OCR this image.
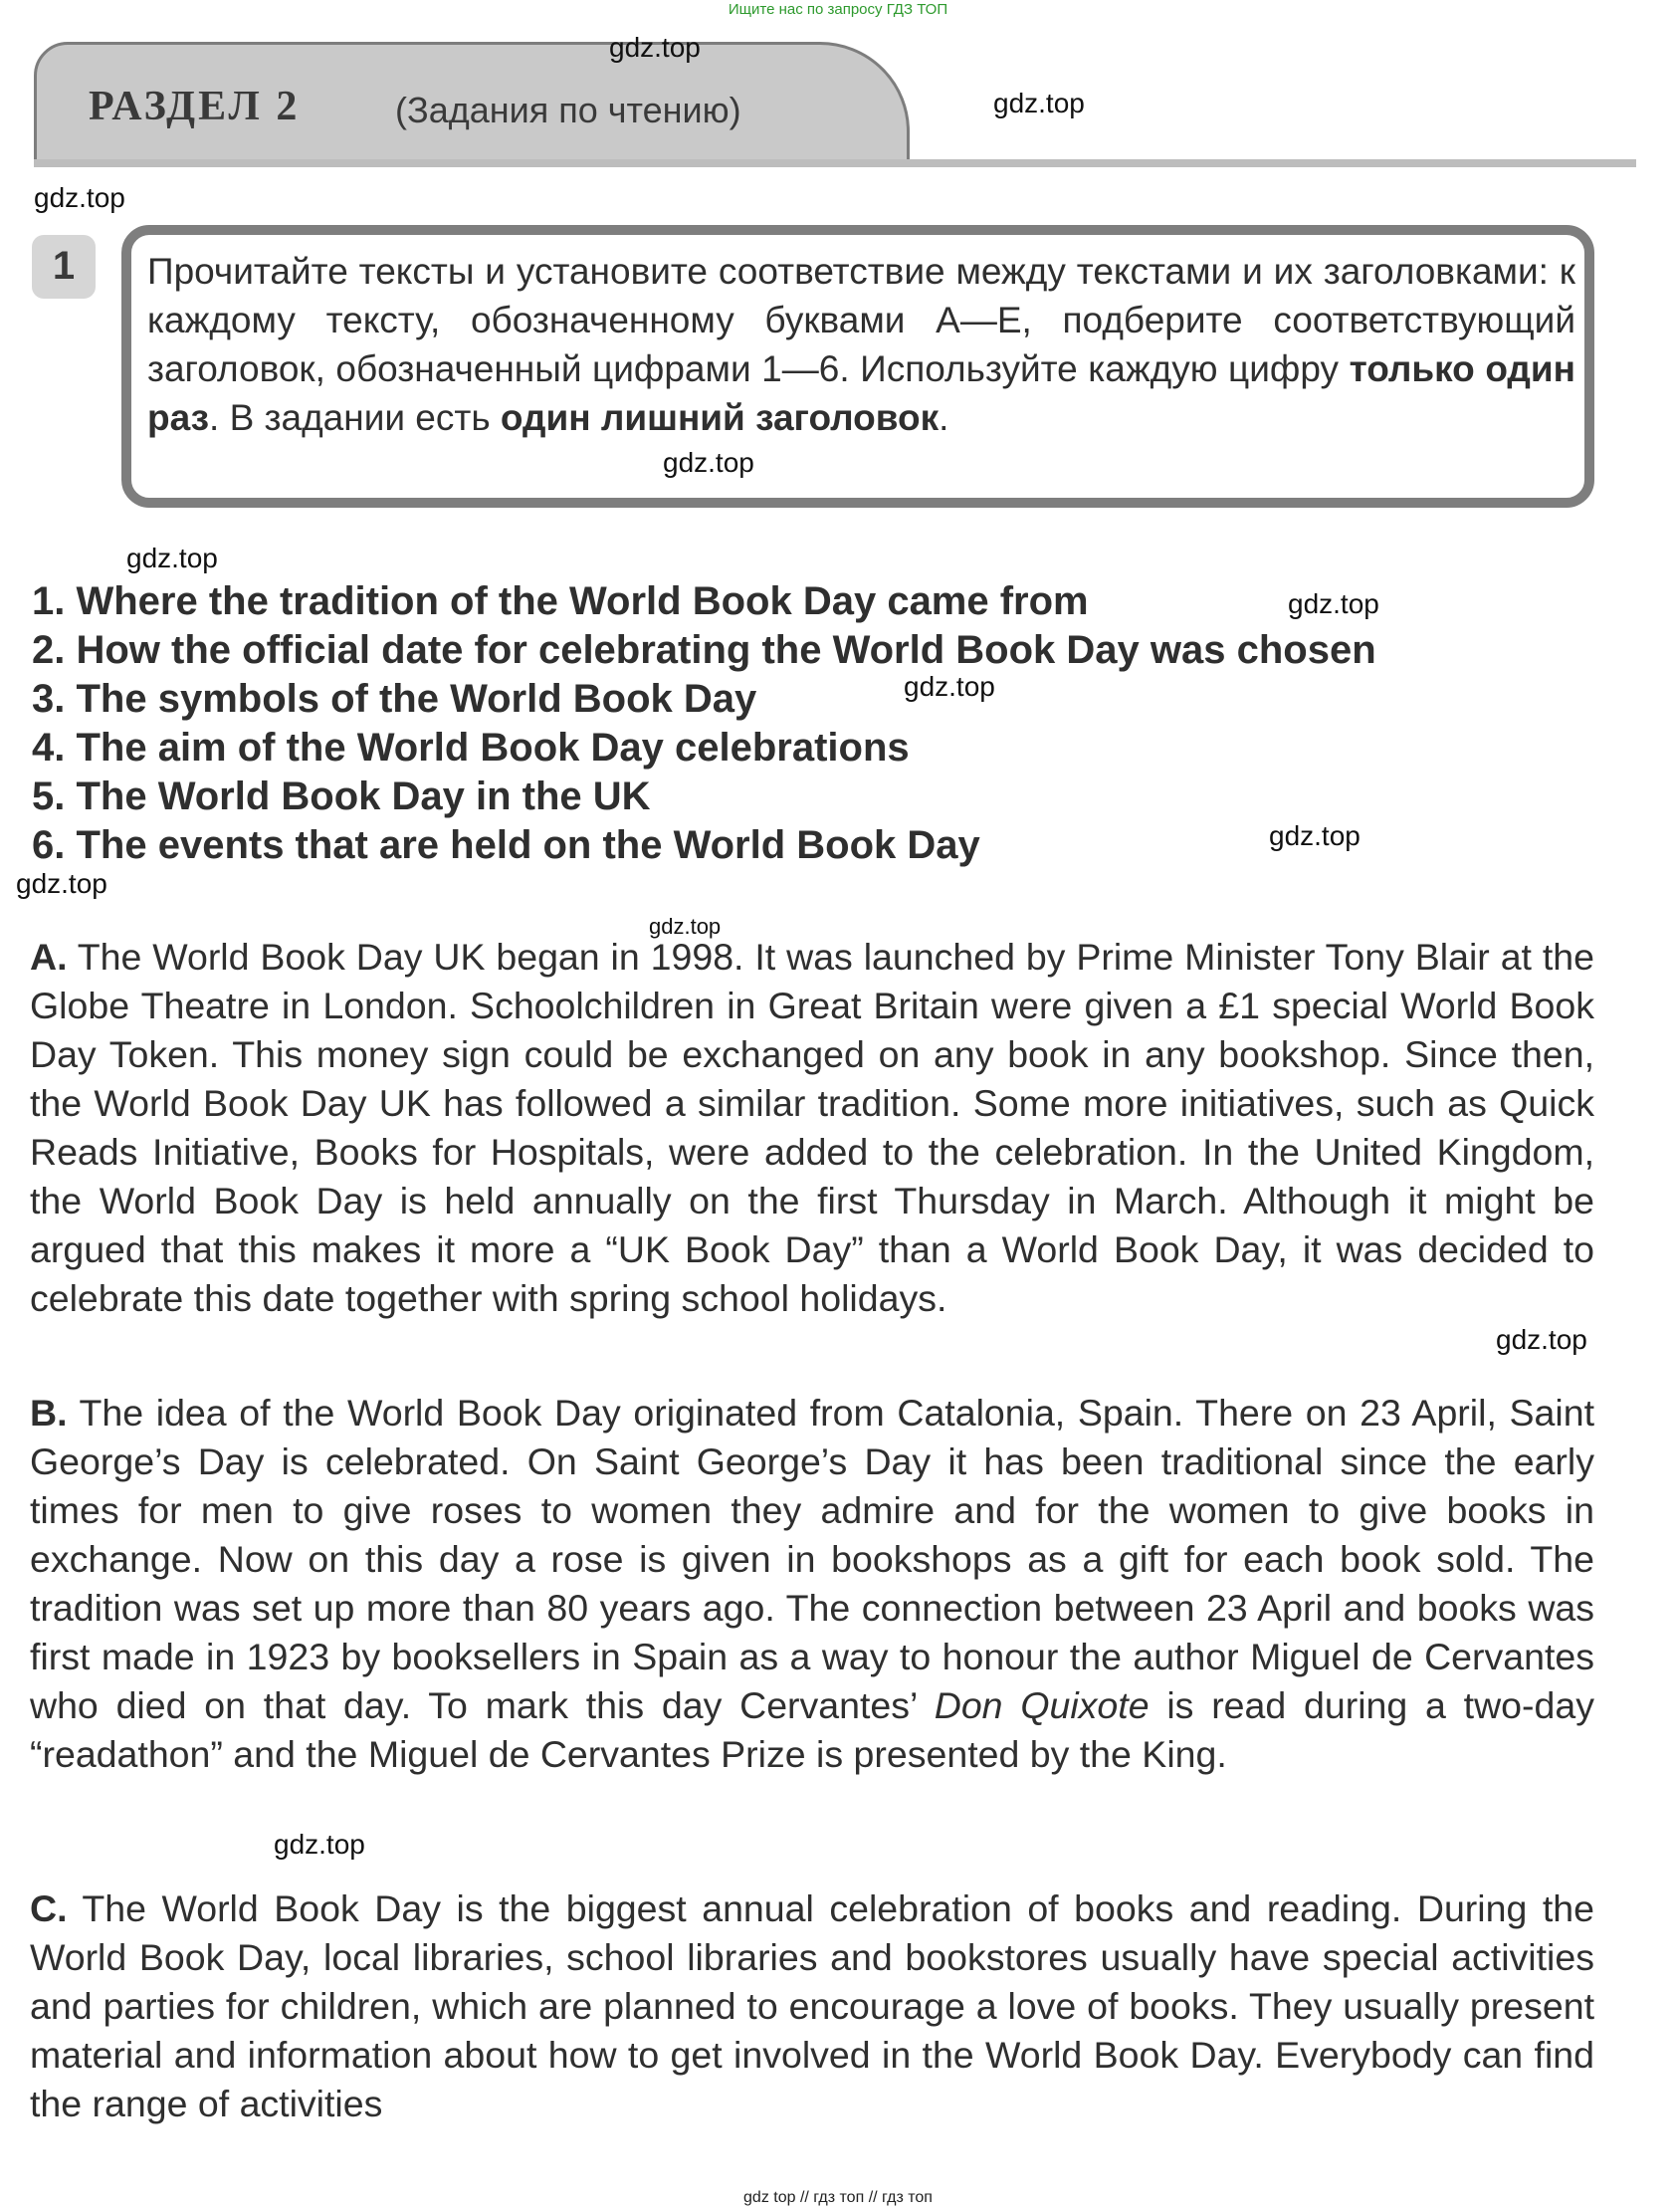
Ищите нас по запросу ГДЗ ТОП
РАЗДЕЛ 2	(Задания по чтению)
1	Прочитайте тексты и установите соответствие между текстами и их заголовками: к каждому тексту, обозначенному буквами А—Е, подберите соответствующий заголовок, обозначенный цифрами 1—6. Используйте каждую цифру только один раз. В задании есть один лишний заголовок.
1. Where the tradition of the World Book Day came from
2. How the official date for celebrating the World Book Day was chosen
3. The symbols of the World Book Day
4. The aim of the World Book Day celebrations
5. The World Book Day in the UK
6. The events that are held on the World Book Day
A. The World Book Day UK began in 1998. It was launched by Prime Minister Tony Blair at the Globe Theatre in London. Schoolchildren in Great Britain were given a £1 special World Book Day Token. This money sign could be exchanged on any book in any bookshop. Since then, the World Book Day UK has followed a similar tradition. Some more initiatives, such as Quick Reads Initiative, Books for Hospitals, were added to the celebration. In the United Kingdom, the World Book Day is held annually on the first Thursday in March. Although it might be argued that this makes it more a “UK Book Day” than a World Book Day, it was decided to celebrate this date together with spring school holidays.
B. The idea of the World Book Day originated from Catalonia, Spain. There on 23 April, Saint George’s Day is celebrated. On Saint George’s Day it has been traditional since the early times for men to give roses to women they admire and for the women to give books in exchange. Now on this day a rose is given in bookshops as a gift for each book sold. The tradition was set up more than 80 years ago. The connection between 23 April and books was first made in 1923 by booksellers in Spain as a way to honour the author Miguel de Cervantes who died on that day. To mark this day Cervantes’ Don Quixote is read during a two-day “readathon” and the Miguel de Cervantes Prize is presented by the King.
C. The World Book Day is the biggest annual celebration of books and reading. During the World Book Day, local libraries, school libraries and bookstores usually have special activities and parties for children, which are planned to encourage a love of books. They usually present material and information about how to get involved in the World Book Day. Everybody can find the range of activities
gdz.top
gdz.top
gdz.top
gdz.top
gdz.top
gdz.top
gdz.top
gdz.top
gdz.top
gdz.top
gdz.top
gdz.top
gdz top // гдз топ // гдз топ
